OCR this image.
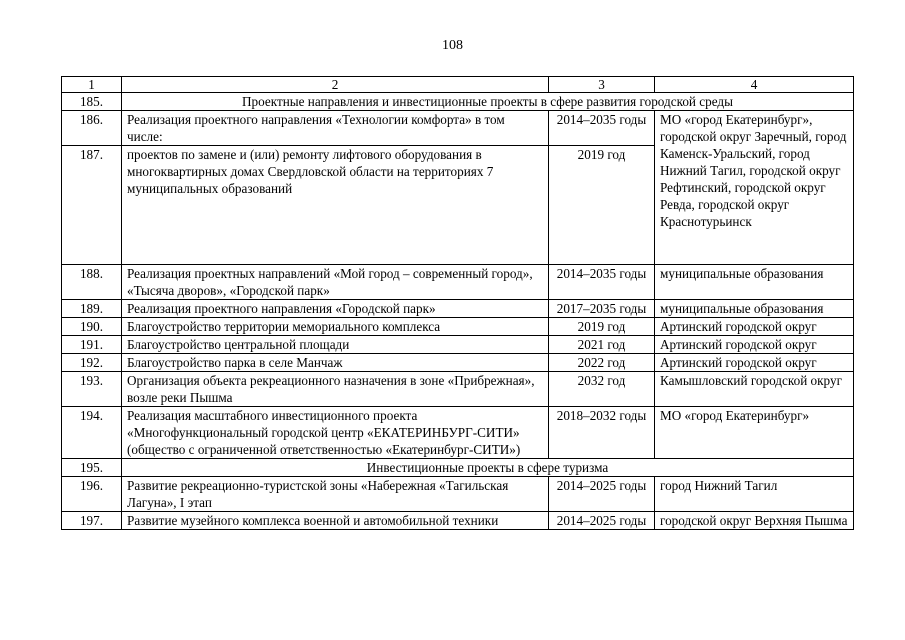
108
1	2	3	4
185.	Проектные направления и инвестиционные проекты в сфере развития городской среды		
186.	Реализация проектного направления «Технологии комфорта» в том числе:	2014–2035 годы	МО «город Екатеринбург», городской округ Заречный, город Каменск-Уральский, город Нижний Тагил, городской округ Рефтинский, городской округ Ревда, городской округ Краснотурьинск
187.	проектов по замене и (или) ремонту лифтового оборудования в многоквартирных домах Свердловской области на территориях 7 муниципальных образований	2019 год	
188.	Реализация проектных направлений «Мой город – современный город», «Тысяча дворов», «Городской парк»	2014–2035 годы	муниципальные образования
189.	Реализация проектного направления «Городской парк»	2017–2035 годы	муниципальные образования
190.	Благоустройство территории мемориального комплекса	2019 год	Артинский городской округ
191.	Благоустройство центральной площади	2021 год	Артинский городской округ
192.	Благоустройство парка в селе Манчаж	2022 год	Артинский городской округ
193.	Организация объекта рекреационного назначения в зоне «Прибрежная», возле реки Пышма	2032 год	Камышловский городской округ
194.	Реализация масштабного инвестиционного проекта «Многофункциональный городской центр «ЕКАТЕРИНБУРГ-СИТИ» (общество с ограниченной ответственностью «Екатеринбург-СИТИ»)	2018–2032 годы	МО «город Екатеринбург»
195.	Инвестиционные проекты в сфере туризма		
196.	Развитие рекреационно-туристской зоны «Набережная «Тагильская Лагуна», I этап	2014–2025 годы	город Нижний Тагил
197.	Развитие музейного комплекса военной и автомобильной техники	2014–2025 годы	городской округ Верхняя Пышма
